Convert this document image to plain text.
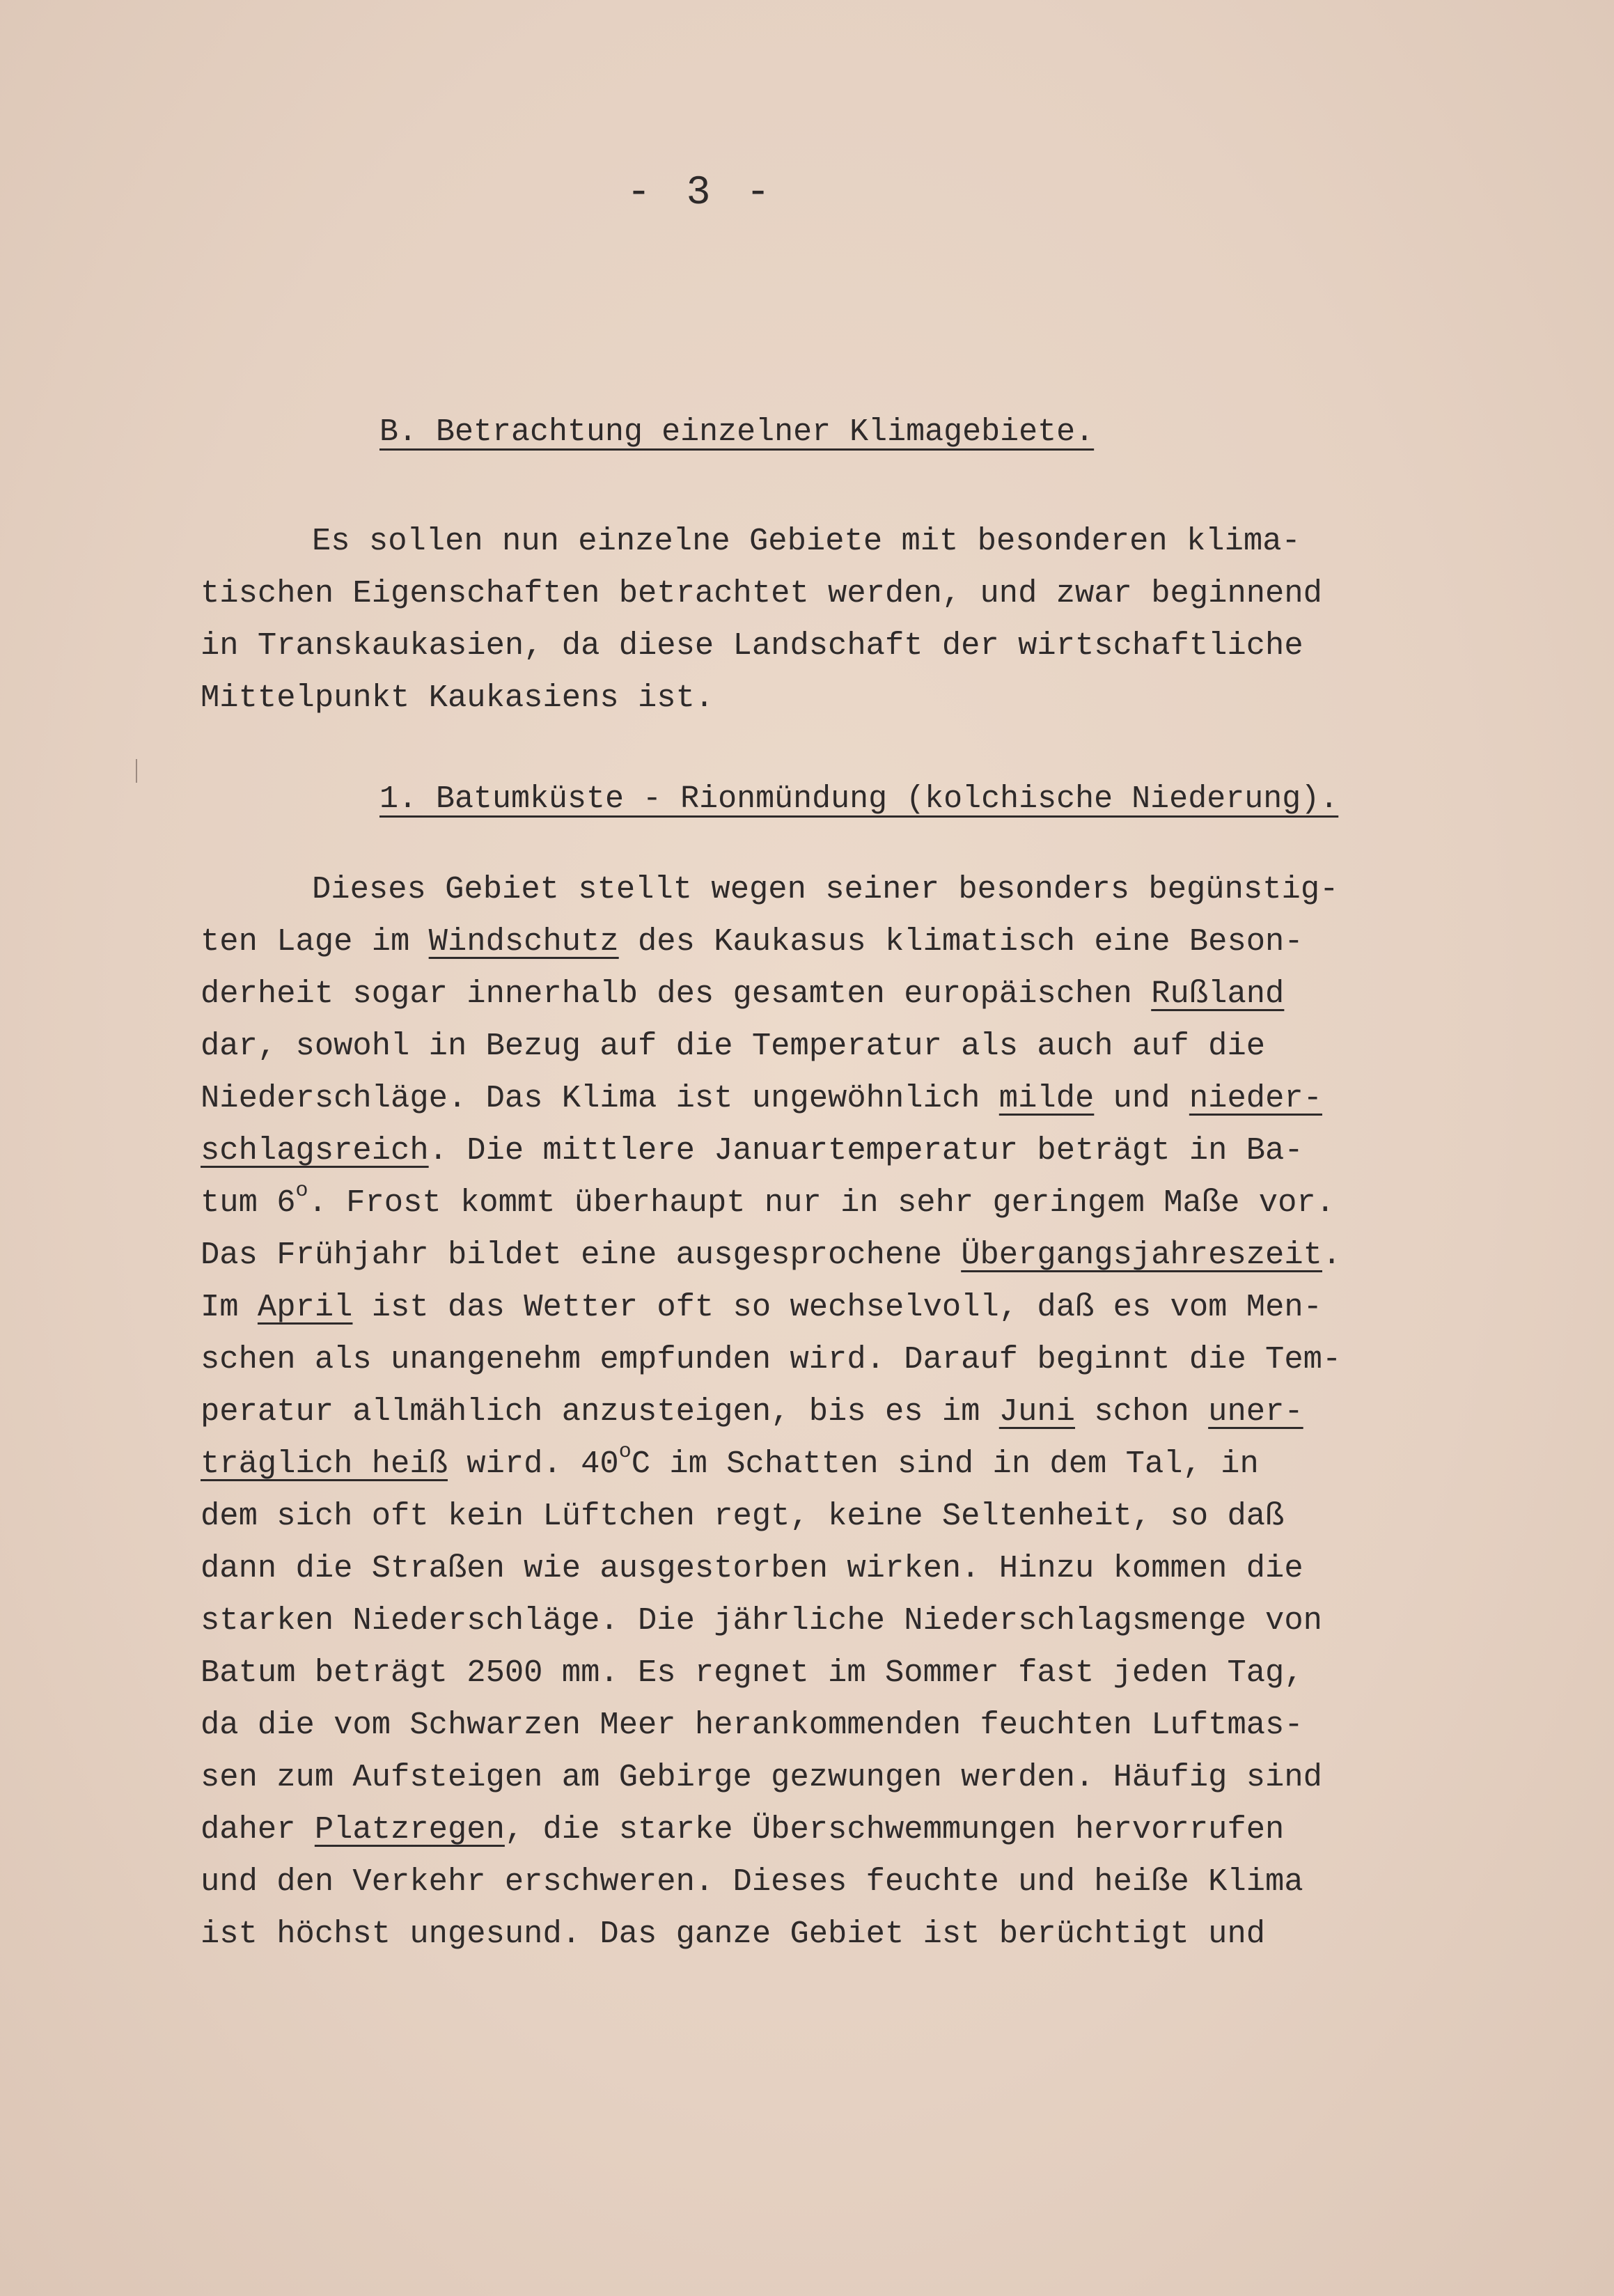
- 3 -
B. Betrachtung einzelner Klimagebiete.
Es sollen nun einzelne Gebiete mit besonderen klima-
tischen Eigenschaften betrachtet werden, und zwar beginnend
in Transkaukasien, da diese Landschaft der wirtschaftliche
Mittelpunkt Kaukasiens ist.
1. Batumküste - Rionmündung (kolchische Niederung).
Dieses Gebiet stellt wegen seiner besonders begünstig-
ten Lage im Windschutz des Kaukasus klimatisch eine Beson-
derheit sogar innerhalb des gesamten europäischen Rußland
dar, sowohl in Bezug auf die Temperatur als auch auf die
Niederschläge. Das Klima ist ungewöhnlich milde und nieder-
schlagsreich. Die mittlere Januartemperatur beträgt in Ba-
tum 6$^o$. Frost kommt überhaupt nur in sehr geringem Maße vor.
Das Frühjahr bildet eine ausgesprochene Übergangsjahreszeit.
Im April ist das Wetter oft so wechselvoll, daß es vom Men-
schen als unangenehm empfunden wird. Darauf beginnt die Tem-
peratur allmählich anzusteigen, bis es im Juni schon uner-
träglich heiß wird. 40$^o$C im Schatten sind in dem Tal, in
dem sich oft kein Lüftchen regt, keine Seltenheit, so daß
dann die Straßen wie ausgestorben wirken. Hinzu kommen die
starken Niederschläge. Die jährliche Niederschlagsmenge von
Batum beträgt 2500 mm. Es regnet im Sommer fast jeden Tag,
da die vom Schwarzen Meer herankommenden feuchten Luftmas-
sen zum Aufsteigen am Gebirge gezwungen werden. Häufig sind
daher Platzregen, die starke Überschwemmungen hervorrufen
und den Verkehr erschweren. Dieses feuchte und heiße Klima
ist höchst ungesund. Das ganze Gebiet ist berüchtigt und
